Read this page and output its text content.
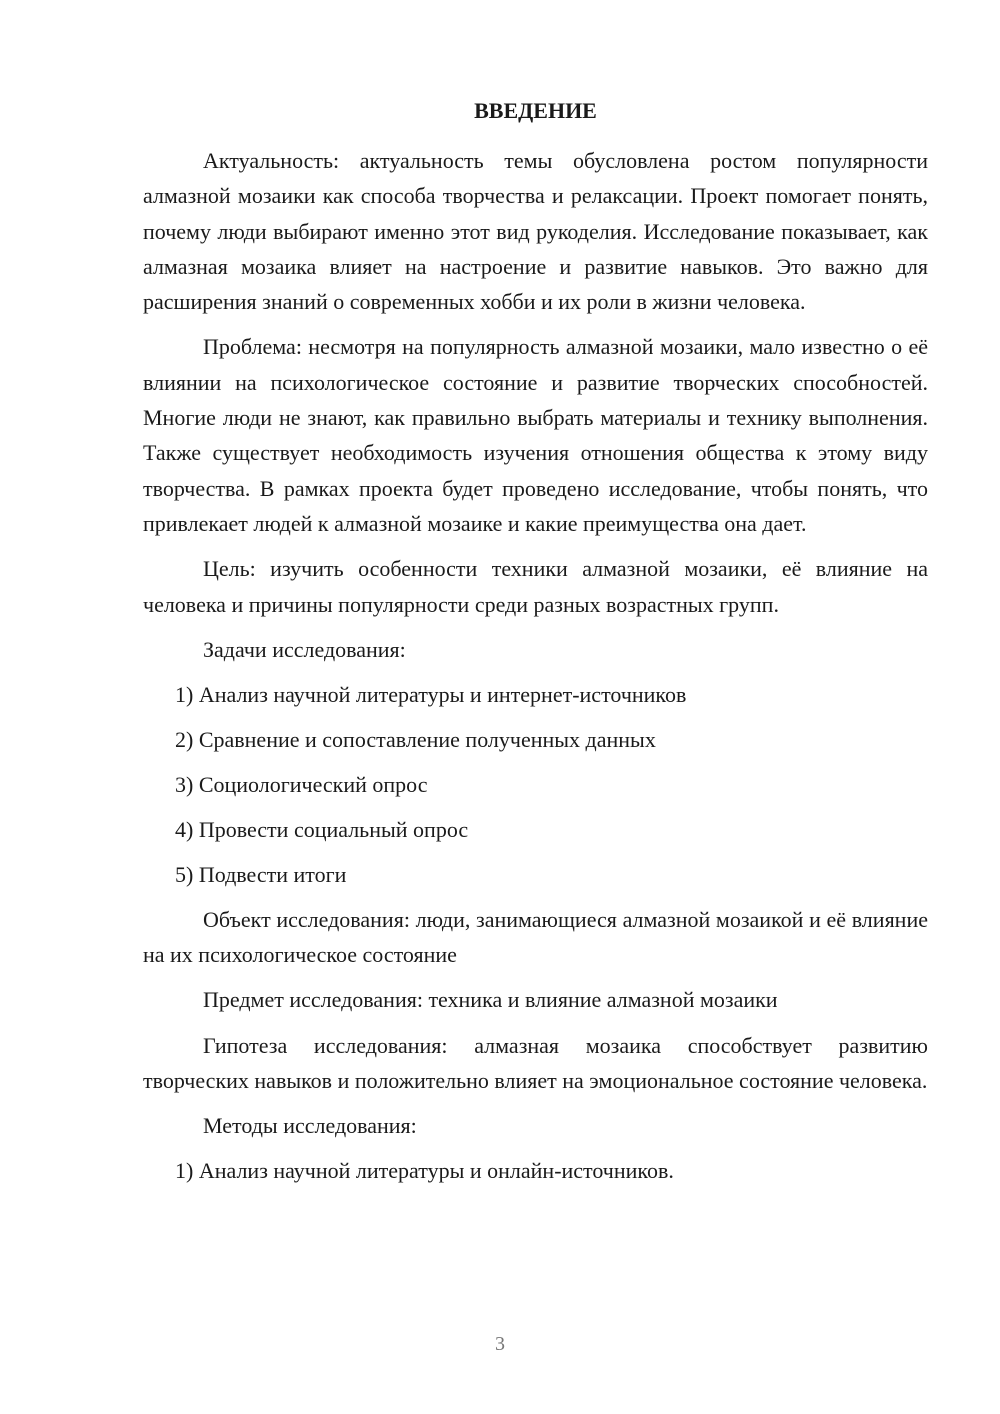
ВВЕДЕНИЕ

Актуальность: актуальность темы обусловлена ростом популярности алмазной мозаики как способа творчества и релаксации. Проект помогает понять, почему люди выбирают именно этот вид рукоделия. Исследование показывает, как алмазная мозаика влияет на настроение и развитие навыков. Это важно для расширения знаний о современных хобби и их роли в жизни человека.

Проблема: несмотря на популярность алмазной мозаики, мало известно о её влиянии на психологическое состояние и развитие творческих способностей. Многие люди не знают, как правильно выбрать материалы и технику выполнения. Также существует необходимость изучения отношения общества к этому виду творчества. В рамках проекта будет проведено исследование, чтобы понять, что привлекает людей к алмазной мозаике и какие преимущества она дает.

Цель: изучить особенности техники алмазной мозаики, её влияние на человека и причины популярности среди разных возрастных групп.

Задачи исследования:
1) Анализ научной литературы и интернет-источников
2) Сравнение и сопоставление полученных данных
3) Социологический опрос
4) Провести социальный опрос
5) Подвести итоги

Объект исследования: люди, занимающиеся алмазной мозаикой и её влияние на их психологическое состояние

Предмет исследования: техника и влияние алмазной мозаики

Гипотеза исследования: алмазная мозаика способствует развитию творческих навыков и положительно влияет на эмоциональное состояние человека.

Методы исследования:
1) Анализ научной литературы и онлайн-источников.
3
